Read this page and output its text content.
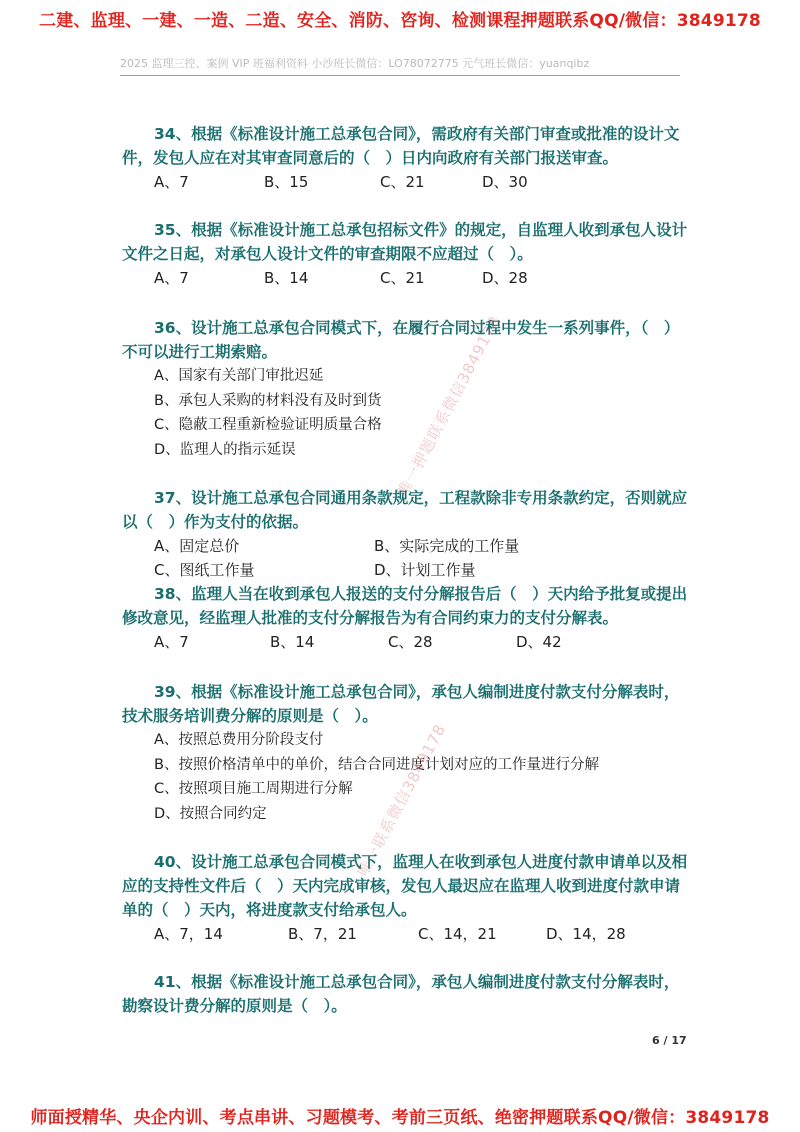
二建、监理、一建、一造、二造、安全、消防、咨询、检测课程押题联系QQ/微信：3849178
2025 监理三控、案例 VIP 班福利资料 小沙班长微信：LO78072775 元气班长微信：yuanqibz

34、根据《标准设计施工总承包合同》，需政府有关部门审查或批准的设计文件，发包人应在对其审查同意后的（　）日内向政府有关部门报送审查。

A、7	B、15	C、21	D、30

35、根据《标准设计施工总承包招标文件》的规定，自监理人收到承包人设计文件之日起，对承包人设计文件的审查期限不应超过（　）。

A、7	B、14	C、21	D、28

36、设计施工总承包合同模式下，在履行合同过程中发生一系列事件，（　）不可以进行工期索赔。

A、国家有关部门审批迟延
B、承包人采购的材料没有及时到货
C、隐蔽工程重新检验证明质量合格
D、监理人的指示延误

37、设计施工总承包合同通用条款规定，工程款除非专用条款约定，否则就应以（　）作为支付的依据。

A、固定总价	B、实际完成的工作量
C、图纸工作量	D、计划工作量

38、监理人当在收到承包人报送的支付分解报告后（　）天内给予批复或提出修改意见，经监理人批准的支付分解报告为有合同约束力的支付分解表。

A、7	B、14	C、28	D、42

39、根据《标准设计施工总承包合同》，承包人编制进度付款支付分解表时，技术服务培训费分解的原则是（　）。

A、按照总费用分阶段支付
B、按照价格清单中的单价，结合合同进度计划对应的工作量进行分解
C、按照项目施工周期进行分解
D、按照合同约定

40、设计施工总承包合同模式下，监理人在收到承包人进度付款申请单以及相应的支持性文件后（　）天内完成审核，发包人最迟应在监理人收到进度付款申请单的（　）天内，将进度款支付给承包人。

A、7，14	B、7，21	C、14，21	D、14，28

41、根据《标准设计施工总承包合同》，承包人编制进度付款支付分解表时，勘察设计费分解的原则是（　）。

6 / 17
唯一押题联系微信3849178
唯一联系微信3849178
师面授精华、央企内训、考点串讲、习题模考、考前三页纸、绝密押题联系QQ/微信：3849178
